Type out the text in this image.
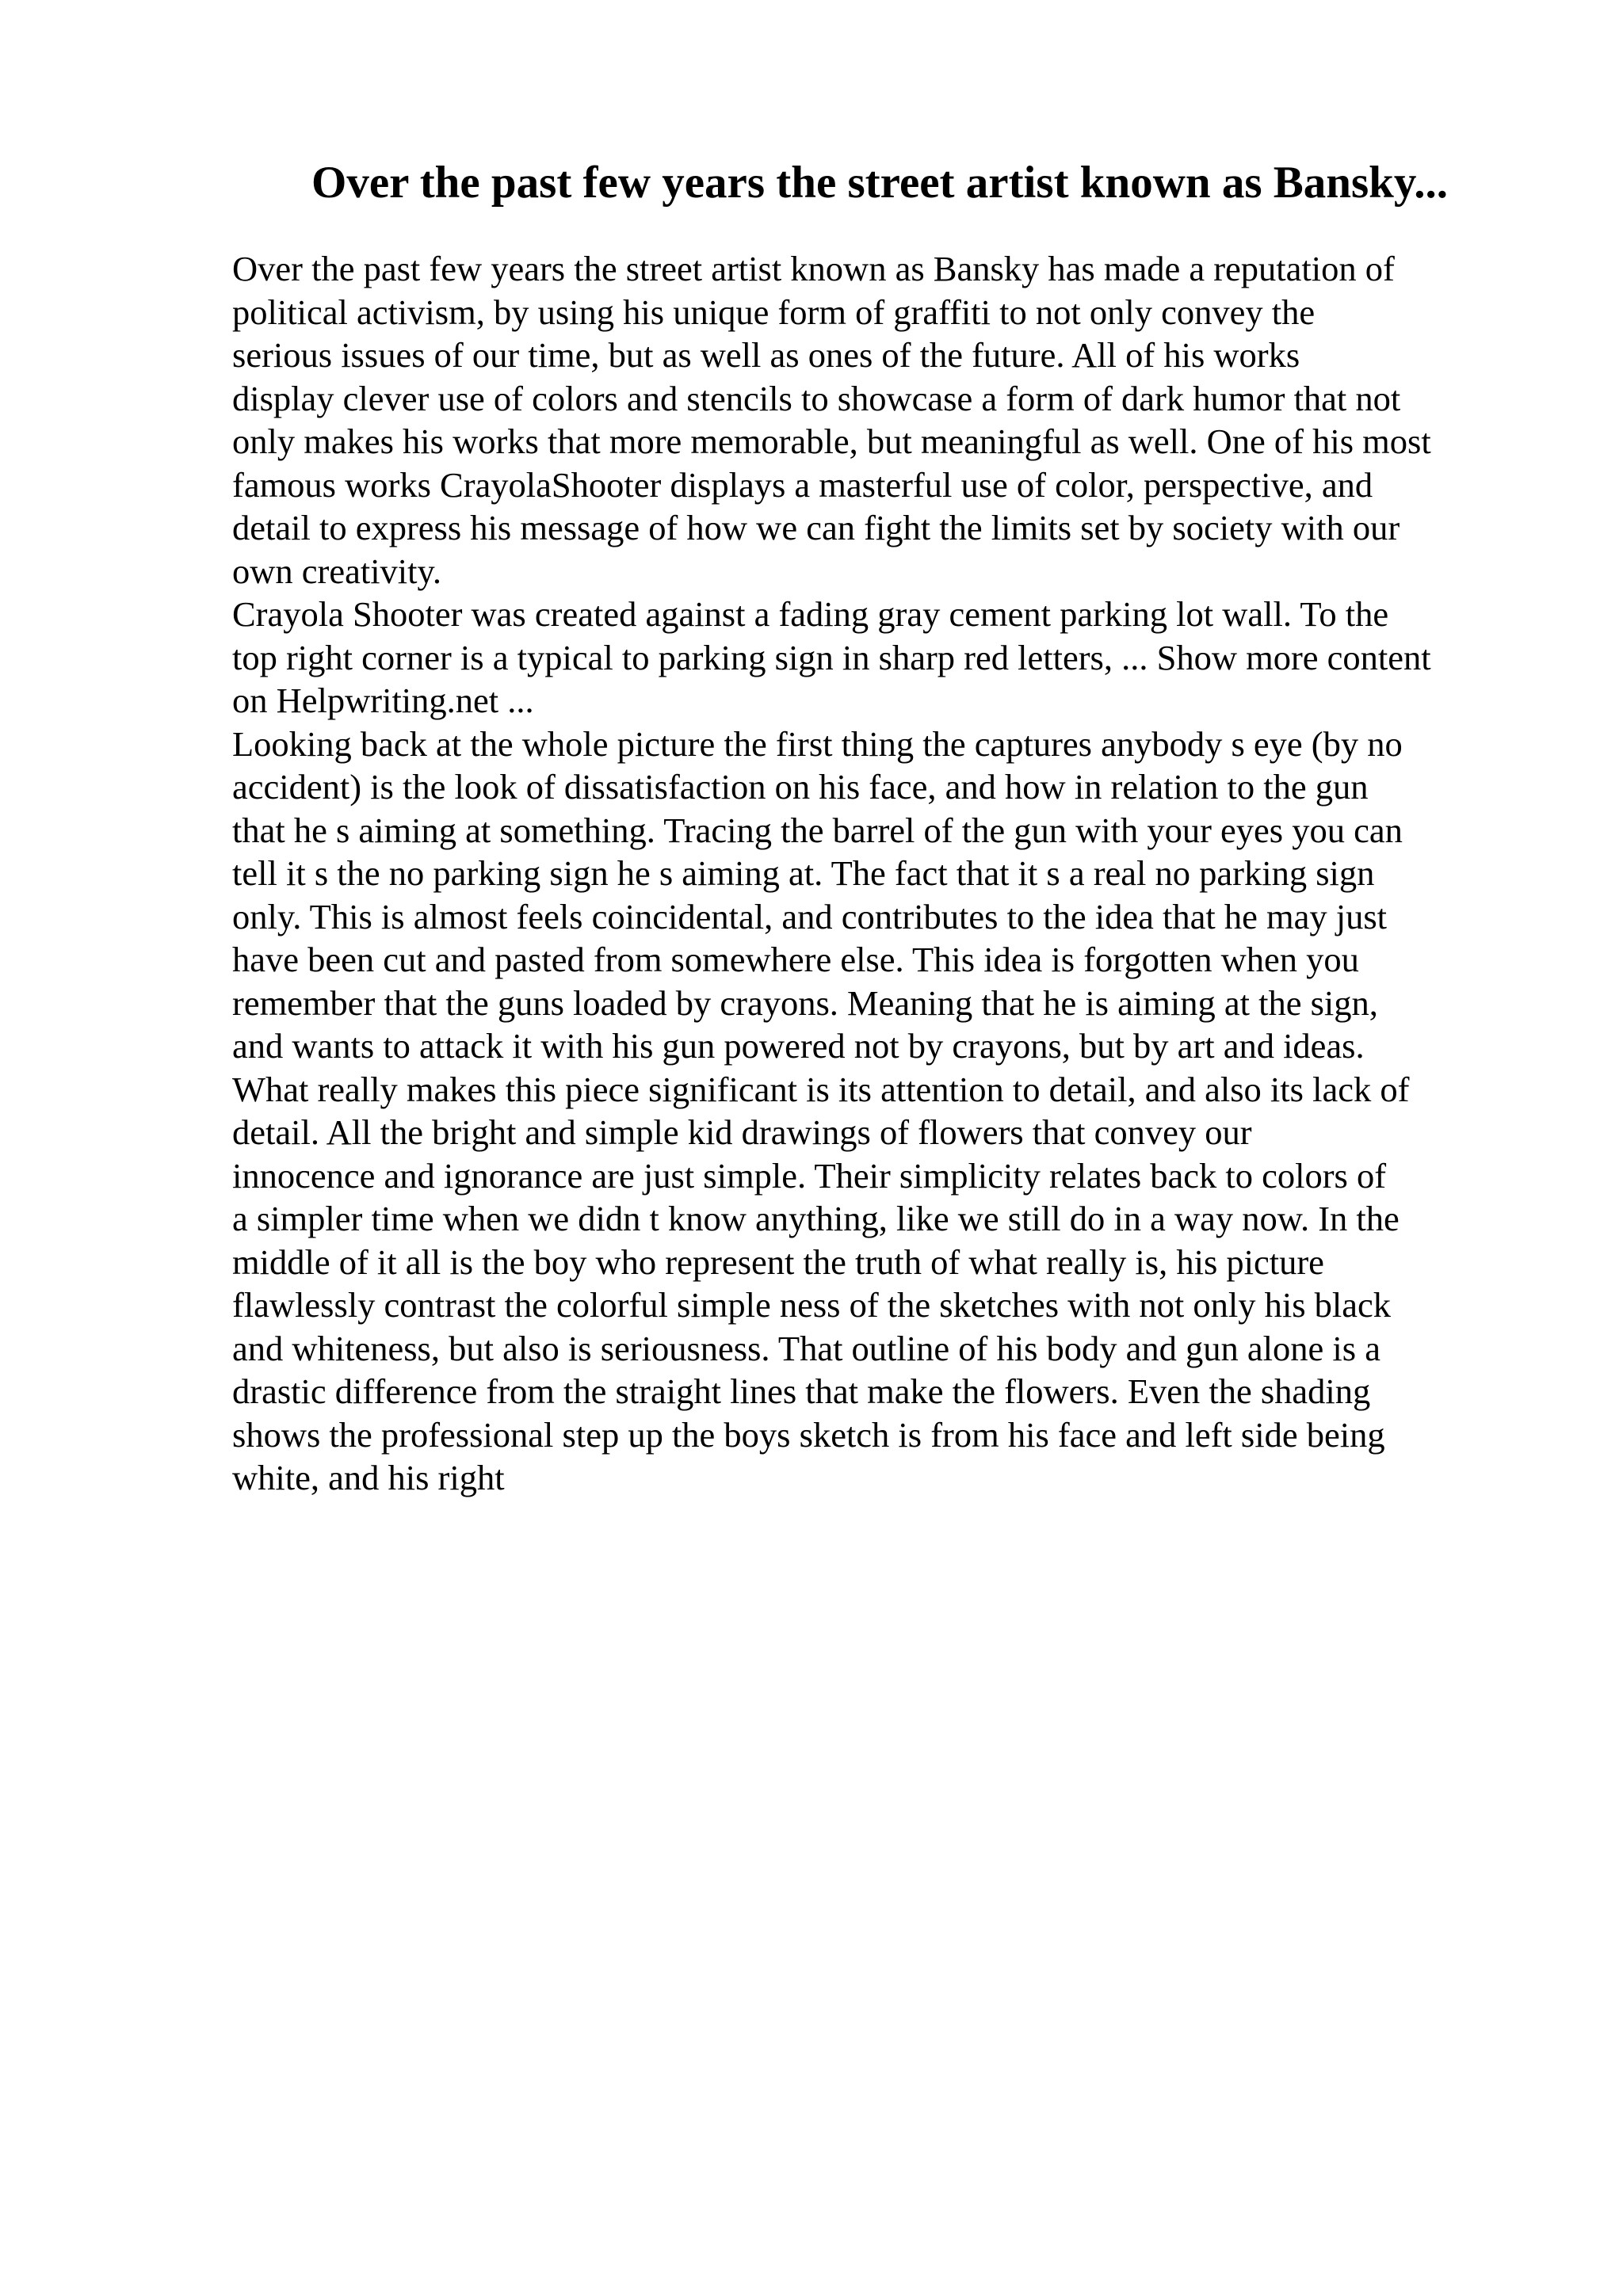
Over the past few years the street artist known as Bansky...
Over the past few years the street artist known as Bansky has made a reputation of
political activism, by using his unique form of graffiti to not only convey the
serious issues of our time, but as well as ones of the future. All of his works
display clever use of colors and stencils to showcase a form of dark humor that not
only makes his works that more memorable, but meaningful as well. One of his most
famous works CrayolaShooter displays a masterful use of color, perspective, and
detail to express his message of how we can fight the limits set by society with our
own creativity.
Crayola Shooter was created against a fading gray cement parking lot wall. To the
top right corner is a typical to parking sign in sharp red letters, ... Show more content
on Helpwriting.net ...
Looking back at the whole picture the first thing the captures anybody s eye (by no
accident) is the look of dissatisfaction on his face, and how in relation to the gun
that he s aiming at something. Tracing the barrel of the gun with your eyes you can
tell it s the no parking sign he s aiming at. The fact that it s a real no parking sign
only. This is almost feels coincidental, and contributes to the idea that he may just
have been cut and pasted from somewhere else. This idea is forgotten when you
remember that the guns loaded by crayons. Meaning that he is aiming at the sign,
and wants to attack it with his gun powered not by crayons, but by art and ideas.
What really makes this piece significant is its attention to detail, and also its lack of
detail. All the bright and simple kid drawings of flowers that convey our
innocence and ignorance are just simple. Their simplicity relates back to colors of
a simpler time when we didn t know anything, like we still do in a way now. In the
middle of it all is the boy who represent the truth of what really is, his picture
flawlessly contrast the colorful simple ness of the sketches with not only his black
and whiteness, but also is seriousness. That outline of his body and gun alone is a
drastic difference from the straight lines that make the flowers. Even the shading
shows the professional step up the boys sketch is from his face and left side being
white, and his right
